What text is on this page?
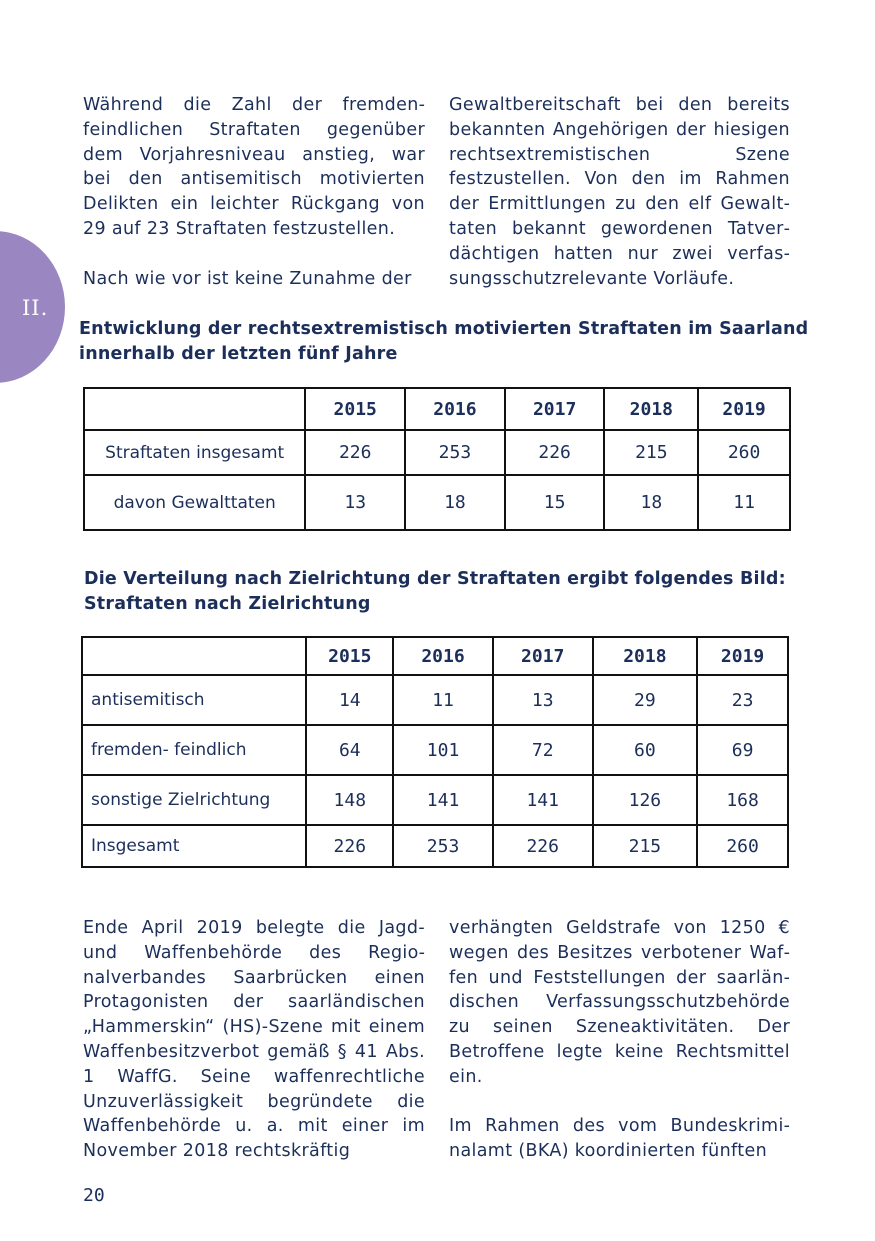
II.

Während die Zahl der fremdenfeindlichen Straftaten gegenüber dem Vorjahresniveau anstieg, war bei den antisemitisch motivierten Delikten ein leichter Rückgang von 29 auf 23 Straftaten festzustellen.

Nach wie vor ist keine Zunahme der

Gewaltbereitschaft bei den bereits bekannten Angehörigen der hiesigen rechtsextremistischen Szene festzustellen. Von den im Rahmen der Ermittlungen zu den elf Gewalttaten bekannt gewordenen Tatverdächtigen hatten nur zwei verfassungsschutzrelevante Vorläufe.

Entwicklung der rechtsextremistisch motivierten Straftaten im Saarland
innerhalb der letzten fünf Jahre
	2015	2016	2017	2018	2019
Straftaten insgesamt	226	253	226	215	260
davon Gewalttaten	13	18	15	18	11
Die Verteilung nach Zielrichtung der Straftaten ergibt folgendes Bild:
Straftaten nach Zielrichtung
	2015	2016	2017	2018	2019
antisemitisch	14	11	13	29	23
fremden- feindlich	64	101	72	60	69
sonstige Zielrichtung	148	141	141	126	168
Insgesamt	226	253	226	215	260

Ende April 2019 belegte die Jagd- und Waffenbehörde des Regionalverbandes Saarbrücken einen Protagonisten der saarländischen „Hammerskin“ (HS)-Szene mit einem Waffenbesitzverbot gemäß § 41 Abs. 1 WaffG. Seine waffenrechtliche Unzuverlässigkeit begründete die Waffenbehörde u. a. mit einer im November 2018 rechtskräftig

verhängten Geldstrafe von 1250 € wegen des Besitzes verbotener Waffen und Feststellungen der saarländischen Verfassungsschutzbehörde zu seinen Szeneaktivitäten. Der Betroffene legte keine Rechtsmittel ein.

Im Rahmen des vom Bundeskriminalamt (BKA) koordinierten fünften

20
